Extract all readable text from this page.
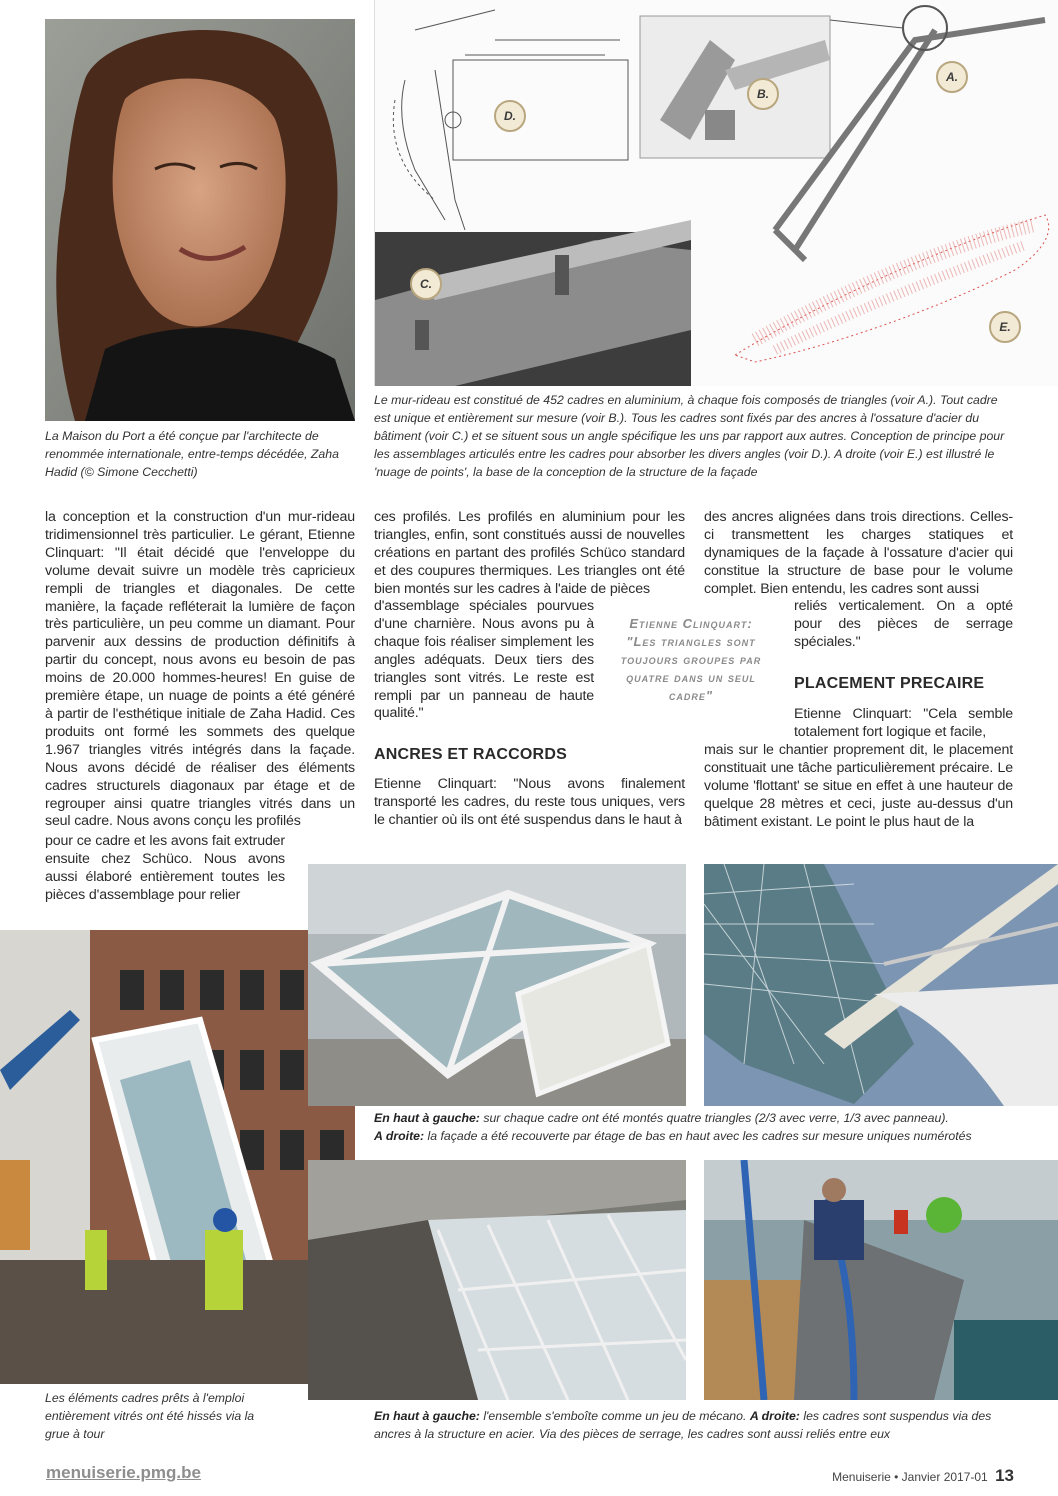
La Maison du Port a été conçue par l'architecte de renommée internationale, entre-temps décédée, Zaha Hadid (© Simone Cecchetti)
D.
B.
A.
C.
E.
Le mur-rideau est constitué de 452 cadres en aluminium, à chaque fois composés de triangles (voir A.). Tout cadre est unique et entièrement sur mesure (voir B.). Tous les cadres sont fixés par des ancres à l'ossature d'acier du bâtiment (voir C.) et se situent sous un angle spécifique les uns par rapport aux autres. Conception de principe pour les assemblages articulés entre les cadres pour absorber les divers angles (voir D.). A droite (voir E.) est illustré le 'nuage de points', la base de la conception de la structure de la façade
la conception et la construction d'un mur-rideau tridimensionnel très particulier. Le gérant, Etienne Clinquart: "Il était décidé que l'enveloppe du volume devait suivre un modèle très capricieux rempli de triangles et diagonales. De cette manière, la façade refléterait la lumière de façon très particulière, un peu comme un diamant. Pour parvenir aux dessins de production définitifs à partir du concept, nous avons eu besoin de pas moins de 20.000 hommes-heures! En guise de première étape, un nuage de points a été généré à partir de l'esthétique initiale de Zaha Hadid. Ces produits ont formé les sommets des quelque 1.967 triangles vitrés intégrés dans la façade. Nous avons décidé de réaliser des éléments cadres structurels diagonaux par étage et de regrouper ainsi quatre triangles vitrés dans un seul cadre. Nous avons conçu les profilés
pour ce cadre et les avons fait extruder ensuite chez Schüco. Nous avons aussi élaboré entièrement toutes les pièces d'assemblage pour relier
ces profilés. Les profilés en aluminium pour les triangles, enfin, sont constitués aussi de nouvelles créations en partant des profilés Schüco standard et des coupures thermiques. Les triangles ont été bien montés sur les cadres à l'aide de pièces
d'assemblage spéciales pourvues d'une charnière. Nous avons pu à chaque fois réaliser simplement les angles adéquats. Deux tiers des triangles sont vitrés. Le reste est rempli par un panneau de haute qualité."
ANCRES ET RACCORDS
Etienne Clinquart: "Nous avons finalement transporté les cadres, du reste tous uniques, vers le chantier où ils ont été suspendus dans le haut à
Etienne Clinquart:
"Les triangles sont toujours groupes par quatre dans un seul cadre"
des ancres alignées dans trois directions. Celles-ci transmettent les charges statiques et dynamiques de la façade à l'ossature d'acier qui constitue la structure de base pour le volume complet. Bien entendu, les cadres sont aussi
reliés verticalement. On a opté pour des pièces de serrage spéciales."
PLACEMENT PRECAIRE
Etienne Clinquart: "Cela semble totalement fort logique et facile,
mais sur le chantier proprement dit, le placement constituait une tâche particulièrement précaire. Le volume 'flottant' se situe en effet à une hauteur de quelque 28 mètres et ceci, juste au-dessus d'un bâtiment existant. Le point le plus haut de la
En haut à gauche: sur chaque cadre ont été montés quatre triangles (2/3 avec verre, 1/3 avec panneau).
A droite: la façade a été recouverte par étage de bas en haut avec les cadres sur mesure uniques numérotés
Les éléments cadres prêts à l'emploi entièrement vitrés ont été hissés via la grue à tour
En haut à gauche: l'ensemble s'emboîte comme un jeu de mécano. A droite: les cadres sont suspendus via des ancres à la structure en acier. Via des pièces de serrage, les cadres sont aussi reliés entre eux
menuiserie.pmg.be	Menuiserie • Janvier 2017-01 13
